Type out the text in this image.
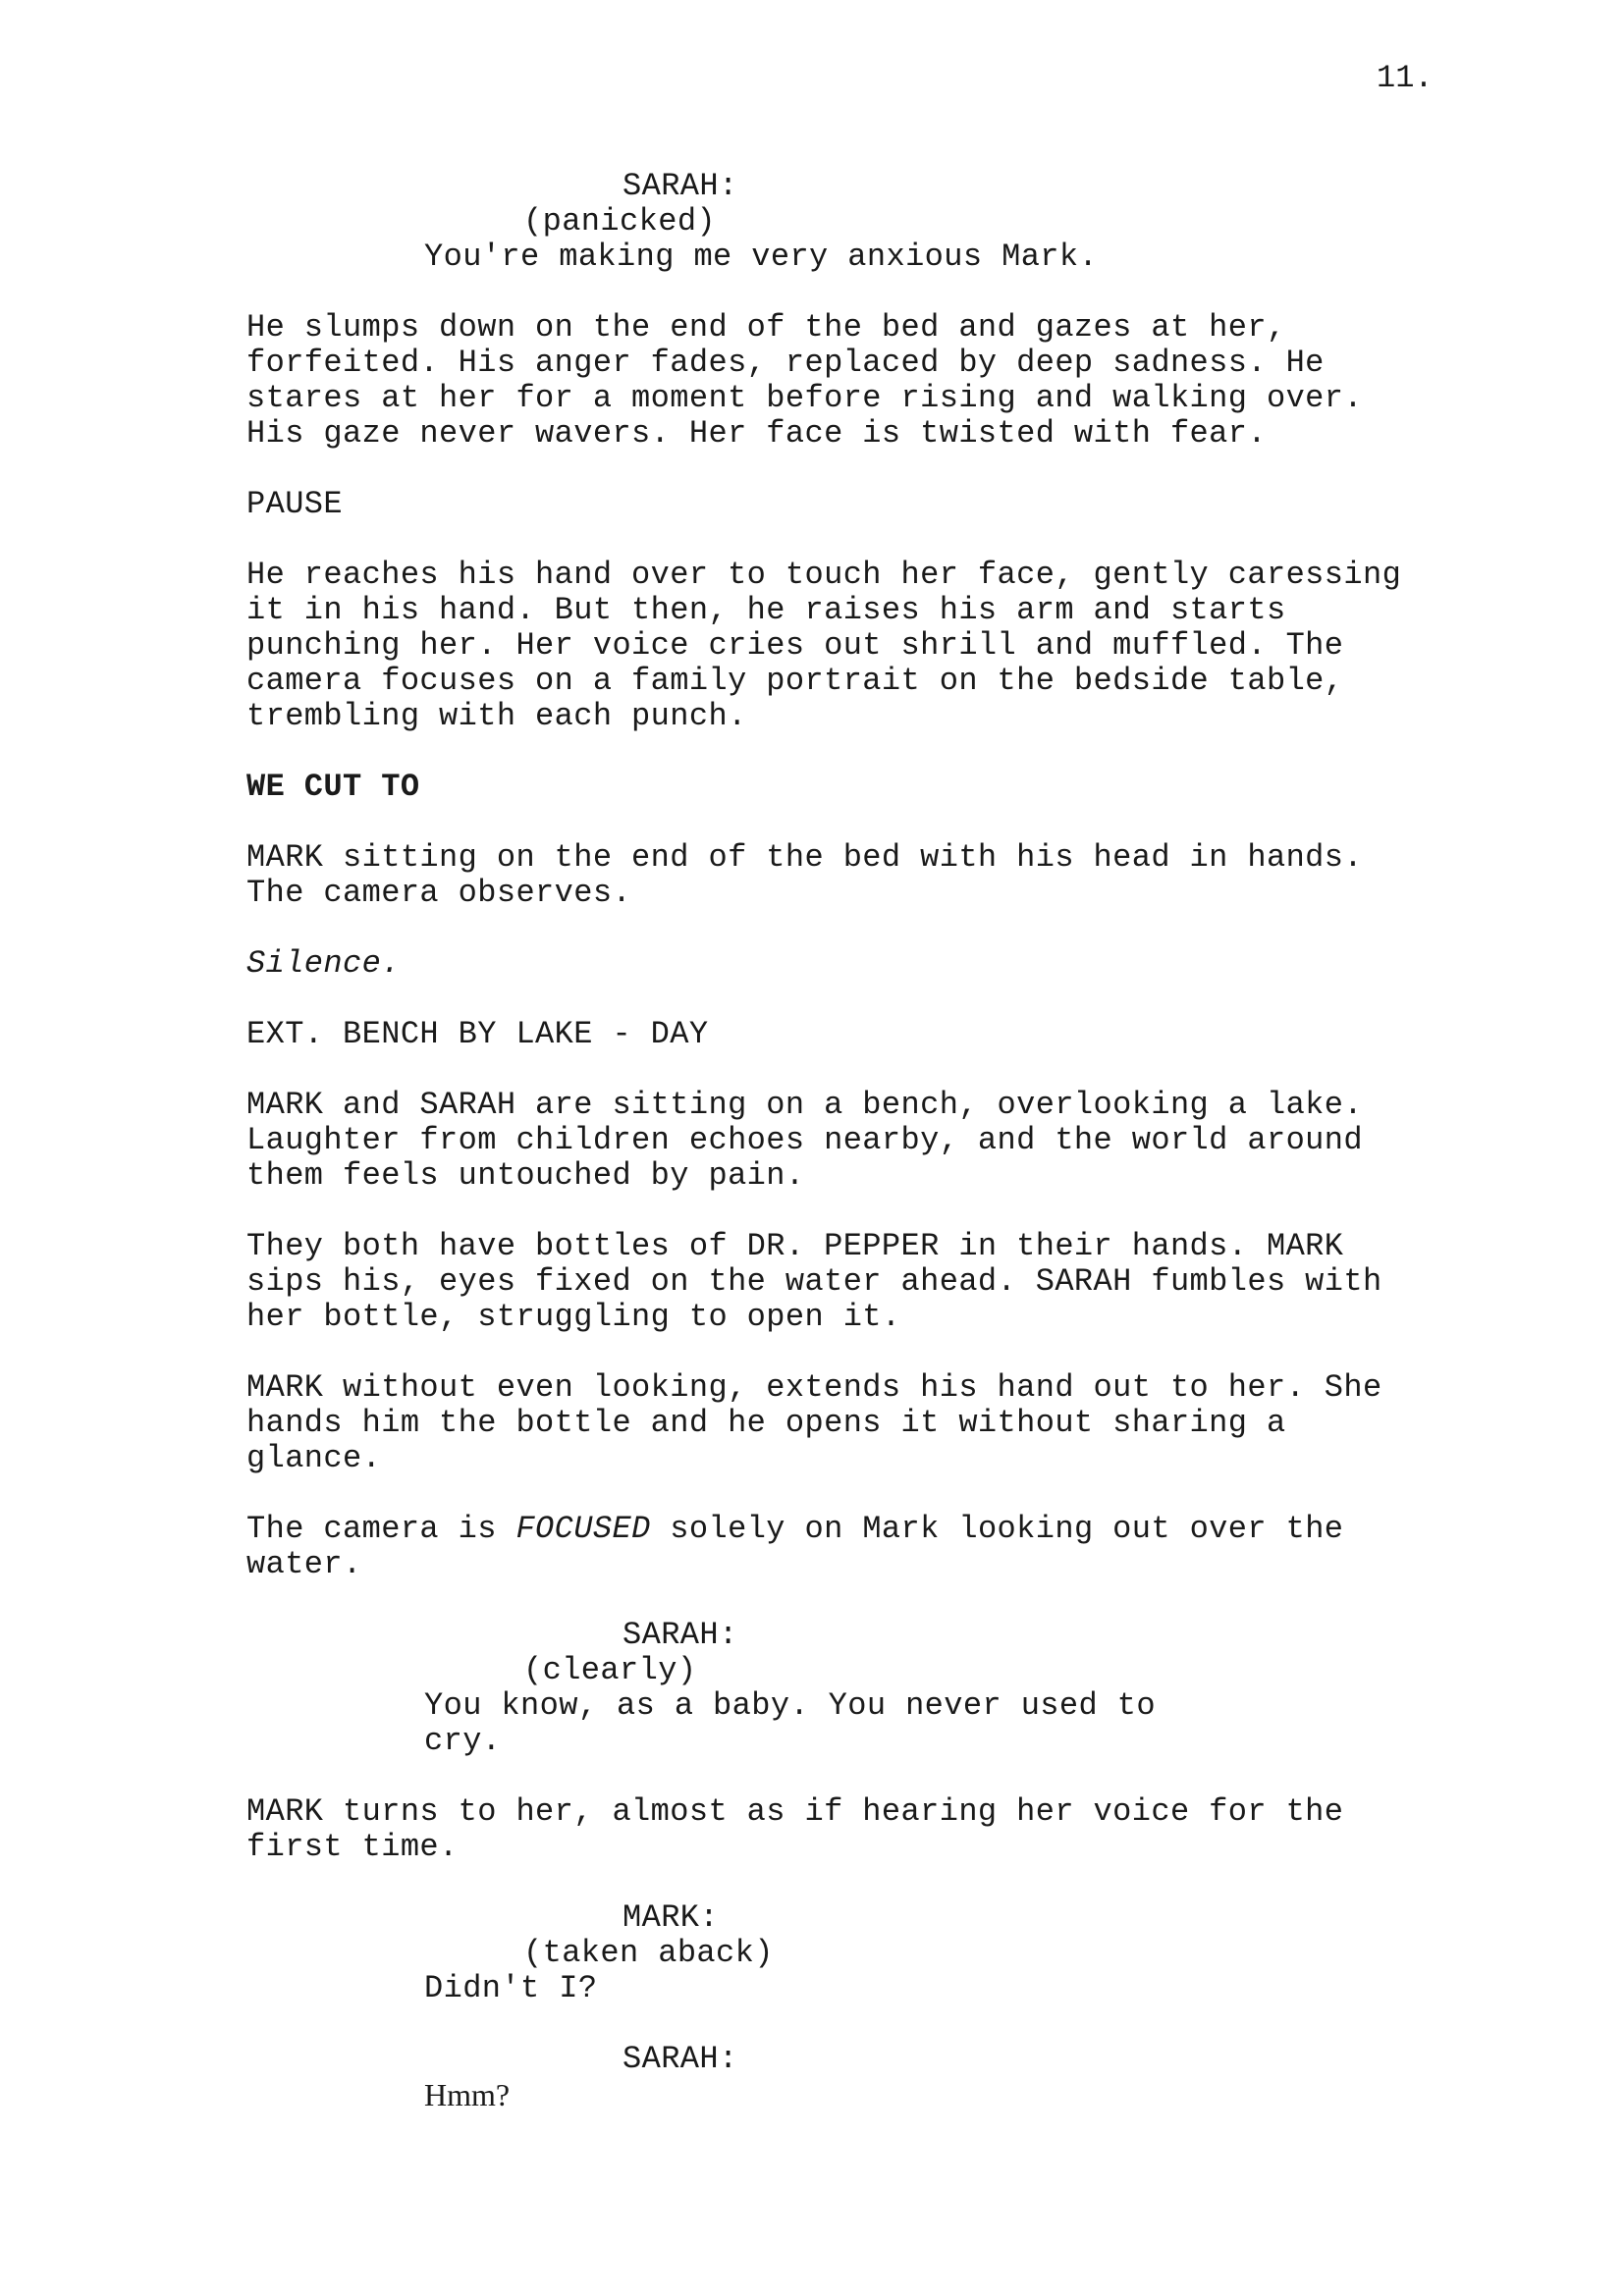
11.
SARAH:
(panicked)
You're making me very anxious Mark.
He slumps down on the end of the bed and gazes at her,
forfeited. His anger fades, replaced by deep sadness. He
stares at her for a moment before rising and walking over.
His gaze never wavers. Her face is twisted with fear.
PAUSE
He reaches his hand over to touch her face, gently caressing
it in his hand. But then, he raises his arm and starts
punching her. Her voice cries out shrill and muffled. The
camera focuses on a family portrait on the bedside table,
trembling with each punch.
WE CUT TO
MARK sitting on the end of the bed with his head in hands.
The camera observes.
Silence.
EXT. BENCH BY LAKE - DAY
MARK and SARAH are sitting on a bench, overlooking a lake.
Laughter from children echoes nearby, and the world around
them feels untouched by pain.
They both have bottles of DR. PEPPER in their hands. MARK
sips his, eyes fixed on the water ahead. SARAH fumbles with
her bottle, struggling to open it.
MARK without even looking, extends his hand out to her. She
hands him the bottle and he opens it without sharing a
glance.
The camera is FOCUSED solely on Mark looking out over the
water.
SARAH:
(clearly)
You know, as a baby. You never used to
cry.
MARK turns to her, almost as if hearing her voice for the
first time.
MARK:
(taken aback)
Didn't I?
SARAH:
Hmm?
